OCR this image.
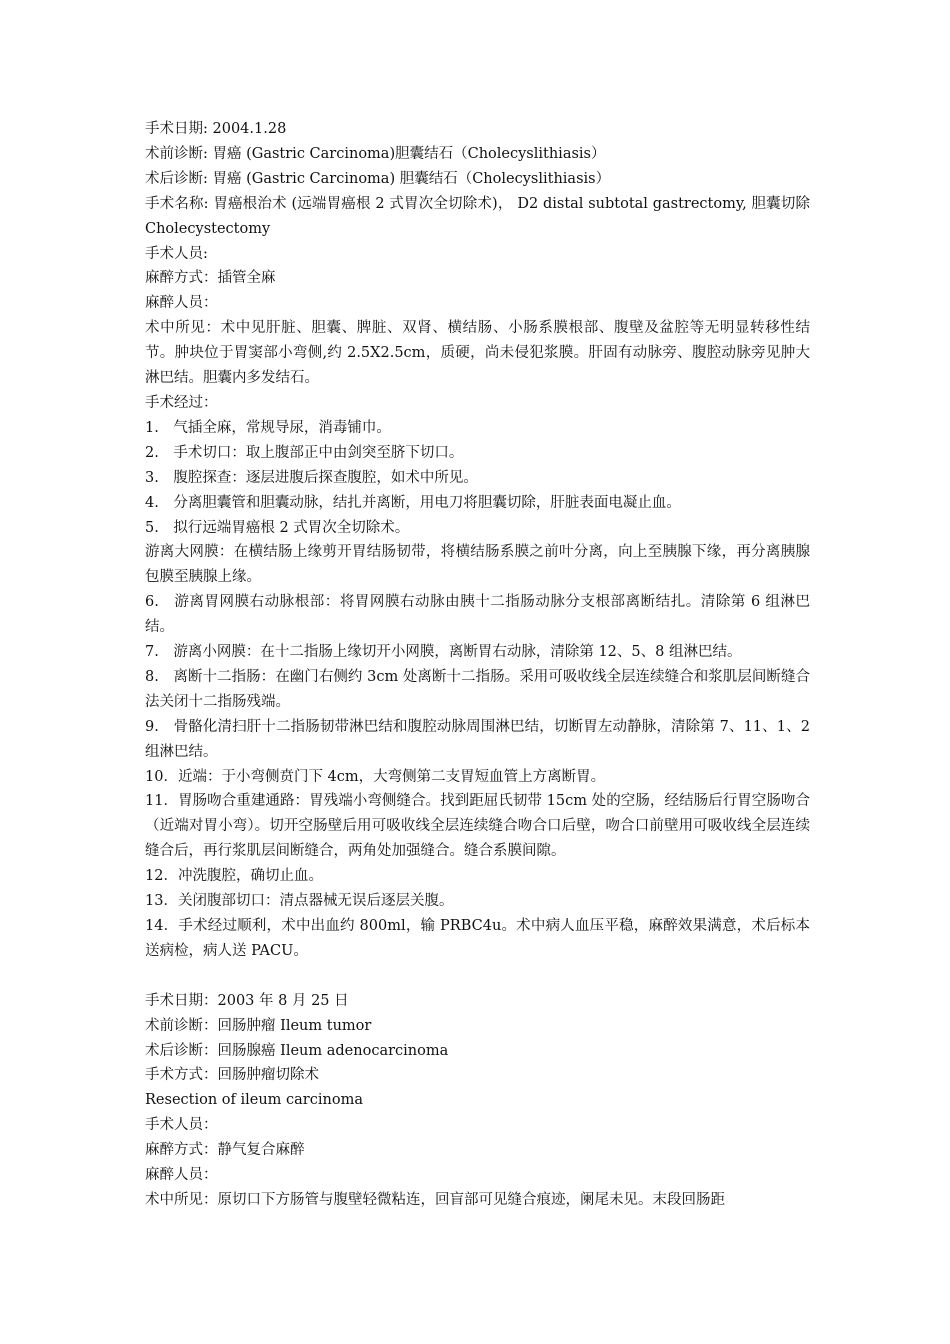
手术日期: 2004.1.28

术前诊断: 胃癌 (Gastric Carcinoma)胆囊结石（Cholecyslithiasis）

术后诊断: 胃癌 (Gastric Carcinoma) 胆囊结石（Cholecyslithiasis）

手术名称: 胃癌根治术 (远端胃癌根 2 式胃次全切除术)， D2 distal subtotal gastrectomy, 胆囊切除 Cholecystectomy

手术人员:

麻醉方式：插管全麻

麻醉人员：

术中所见：术中见肝脏、胆囊、脾脏、双肾、横结肠、小肠系膜根部、腹壁及盆腔等无明显转移性结节。肿块位于胃窦部小弯侧,约 2.5X2.5cm，质硬，尚未侵犯浆膜。肝固有动脉旁、腹腔动脉旁见肿大淋巴结。胆囊内多发结石。

手术经过：

1.　气插全麻，常规导尿，消毒铺巾。

2.　手术切口：取上腹部正中由剑突至脐下切口。

3.　腹腔探查：逐层进腹后探查腹腔，如术中所见。

4.　分离胆囊管和胆囊动脉，结扎并离断，用电刀将胆囊切除，肝脏表面电凝止血。

5.　拟行远端胃癌根 2 式胃次全切除术。

游离大网膜：在横结肠上缘剪开胃结肠韧带，将横结肠系膜之前叶分离，向上至胰腺下缘，再分离胰腺包膜至胰腺上缘。

6.　游离胃网膜右动脉根部：将胃网膜右动脉由胰十二指肠动脉分支根部离断结扎。清除第 6 组淋巴结。

7.　游离小网膜：在十二指肠上缘切开小网膜，离断胃右动脉，清除第 12、5、8 组淋巴结。

8.　离断十二指肠：在幽门右侧约 3cm 处离断十二指肠。采用可吸收线全层连续缝合和浆肌层间断缝合法关闭十二指肠残端。

9.　骨骼化清扫肝十二指肠韧带淋巴结和腹腔动脉周围淋巴结，切断胃左动静脉，清除第 7、11、1、2 组淋巴结。

10．近端：于小弯侧贲门下 4cm，大弯侧第二支胃短血管上方离断胃。

11．胃肠吻合重建通路：胃残端小弯侧缝合。找到距屈氏韧带 15cm 处的空肠，经结肠后行胃空肠吻合（近端对胃小弯）。切开空肠壁后用可吸收线全层连续缝合吻合口后壁，吻合口前壁用可吸收线全层连续缝合后，再行浆肌层间断缝合，两角处加强缝合。缝合系膜间隙。

12．冲洗腹腔，确切止血。

13．关闭腹部切口：清点器械无误后逐层关腹。

14．手术经过顺利，术中出血约 800ml，输 PRBC4u。术中病人血压平稳，麻醉效果满意，术后标本送病检，病人送 PACU。

手术日期：2003 年 8 月 25 日

术前诊断：回肠肿瘤 Ileum tumor

术后诊断：回肠腺癌 Ileum adenocarcinoma

手术方式：回肠肿瘤切除术

Resection of ileum carcinoma

手术人员：

麻醉方式：静气复合麻醉

麻醉人员：

术中所见：原切口下方肠管与腹壁轻微粘连，回盲部可见缝合痕迹，阑尾未见。末段回肠距
